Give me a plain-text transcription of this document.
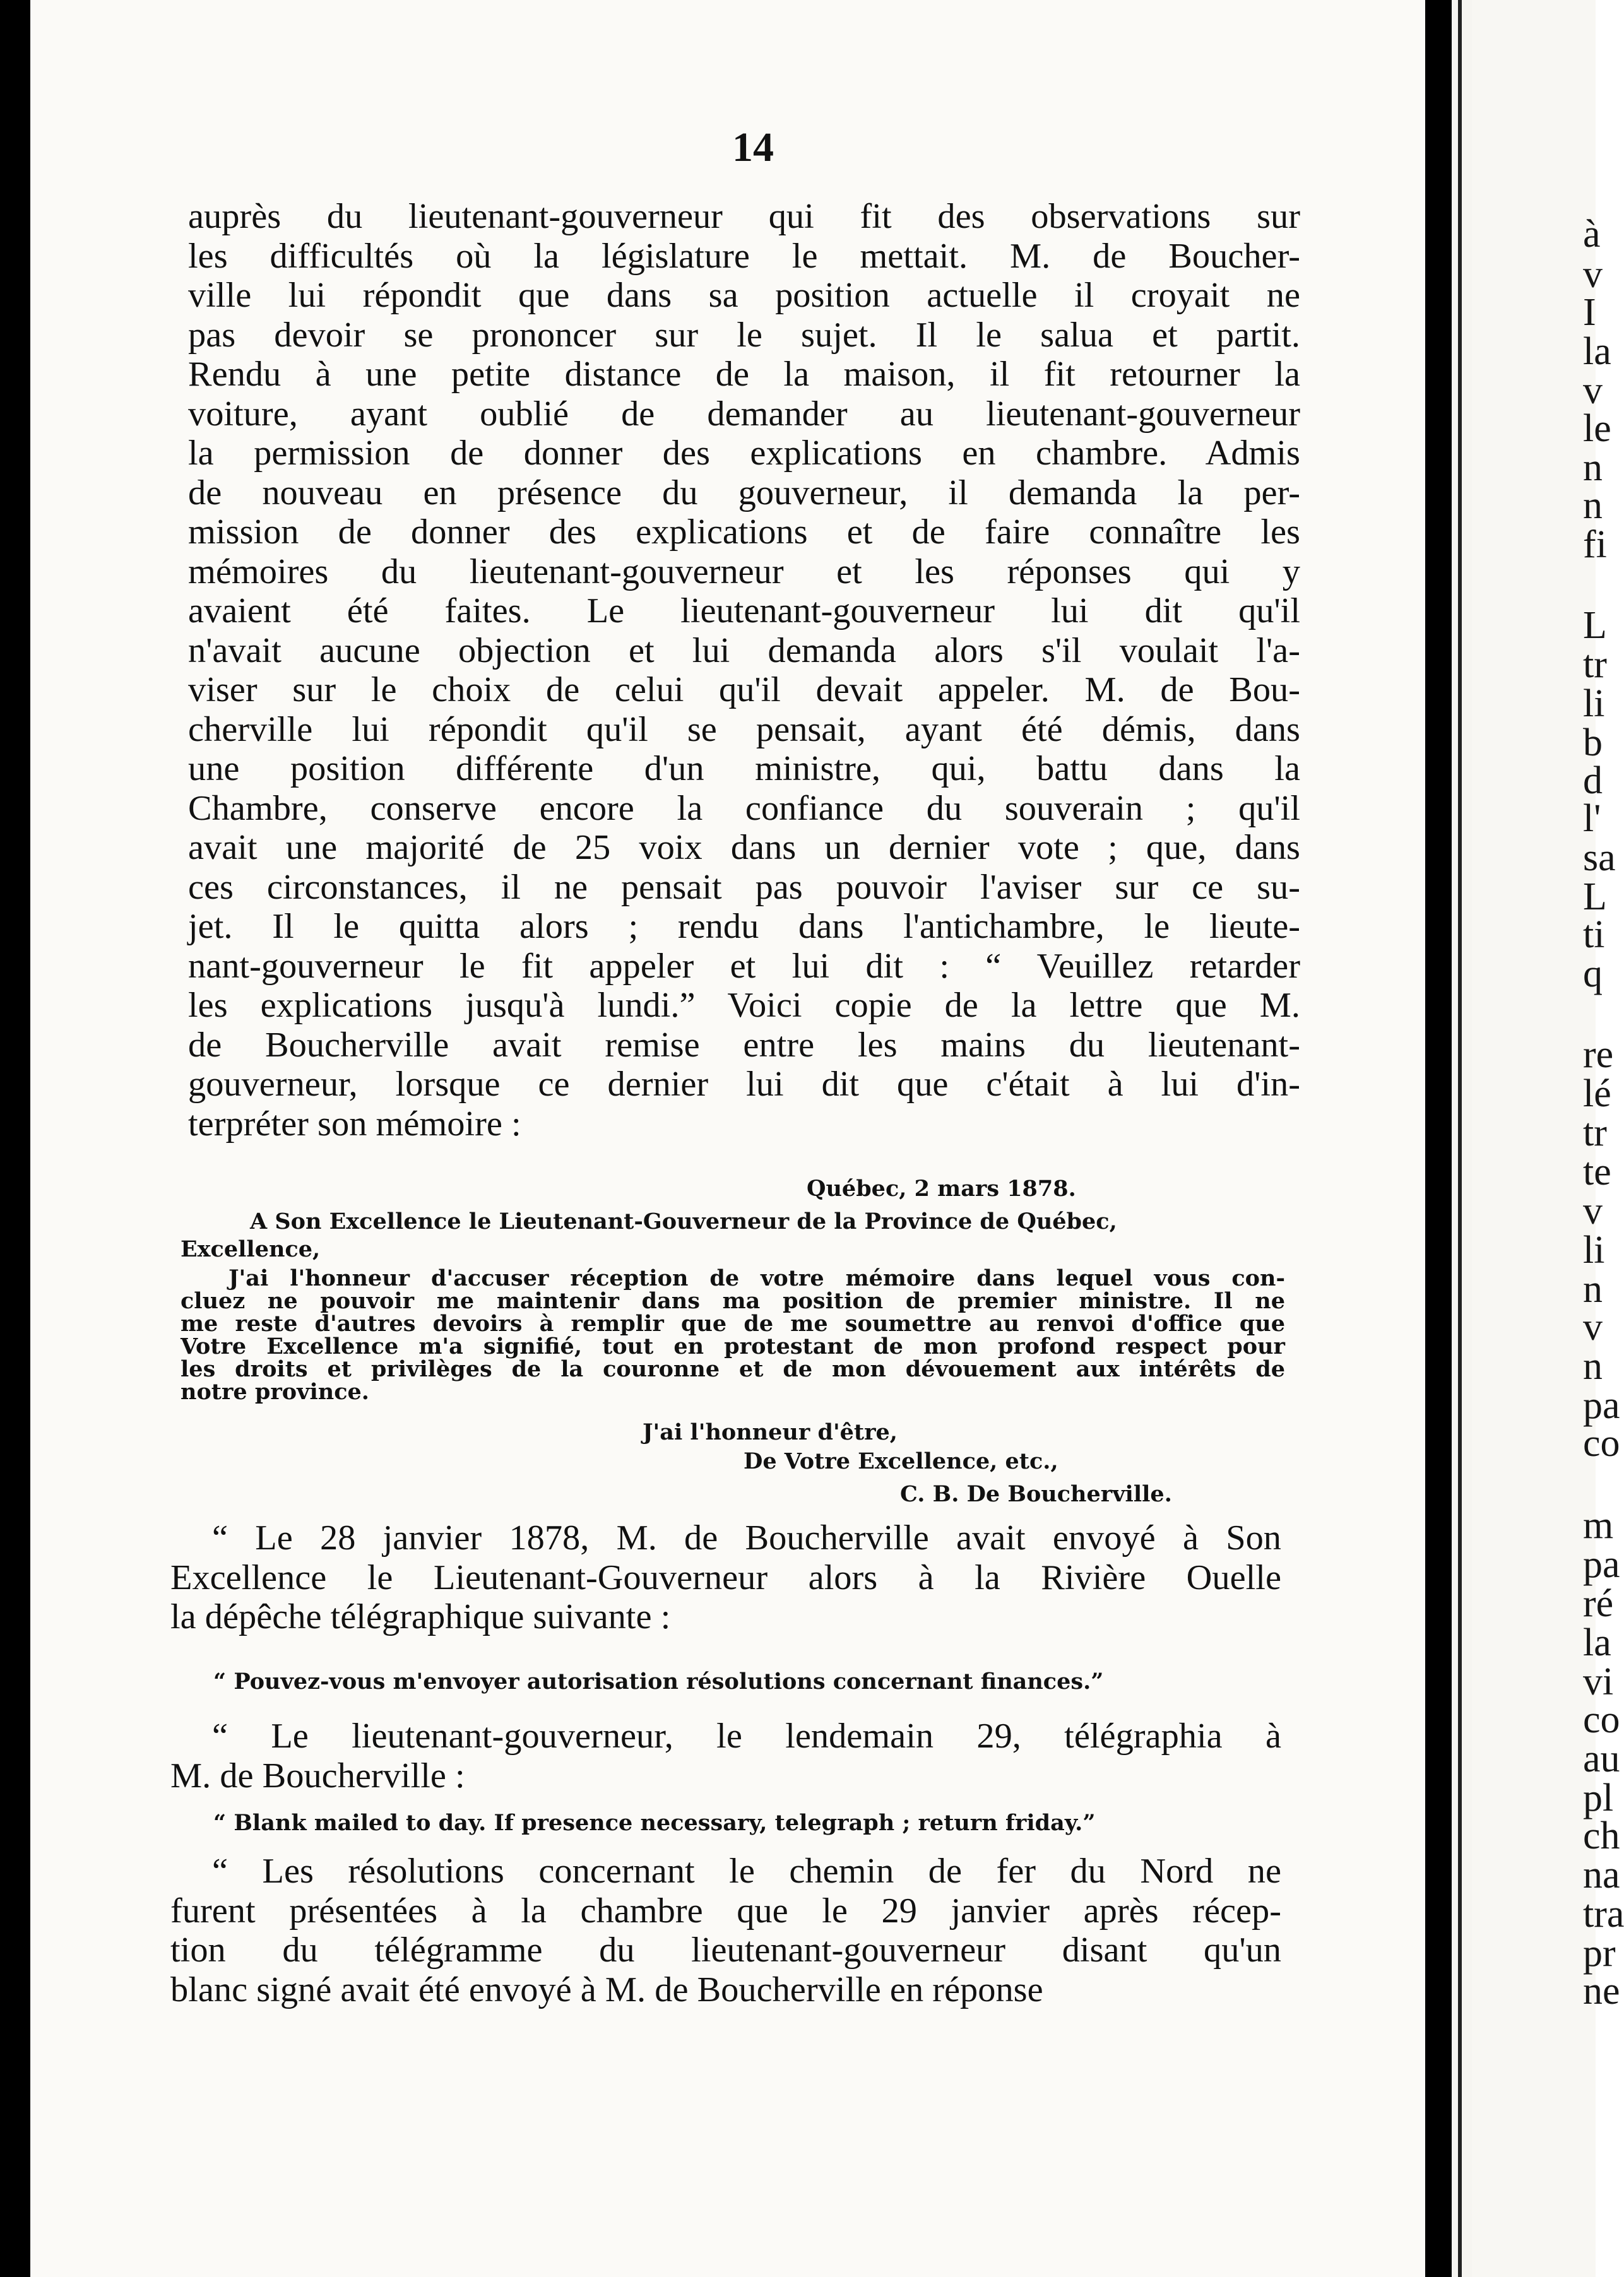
14
auprès du lieutenant-gouverneur qui fit des observations sur
les difficultés où la législature le mettait. M. de Boucher-
ville lui répondit que dans sa position actuelle il croyait ne
pas devoir se prononcer sur le sujet. Il le salua et partit.
Rendu à une petite distance de la maison, il fit retourner la
voiture, ayant oublié de demander au lieutenant-gouverneur
la permission de donner des explications en chambre. Admis
de nouveau en présence du gouverneur, il demanda la per-
mission de donner des explications et de faire connaître les
mémoires du lieutenant-gouverneur et les réponses qui y
avaient été faites. Le lieutenant-gouverneur lui dit qu'il
n'avait aucune objection et lui demanda alors s'il voulait l'a-
viser sur le choix de celui qu'il devait appeler. M. de Bou-
cherville lui répondit qu'il se pensait, ayant été démis, dans
une position différente d'un ministre, qui, battu dans la
Chambre, conserve encore la confiance du souverain ; qu'il
avait une majorité de 25 voix dans un dernier vote ; que, dans
ces circonstances, il ne pensait pas pouvoir l'aviser sur ce su-
jet. Il le quitta alors ; rendu dans l'antichambre, le lieute-
nant-gouverneur le fit appeler et lui dit : “ Veuillez retarder
les explications jusqu'à lundi.” Voici copie de la lettre que M.
de Boucherville avait remise entre les mains du lieutenant-
gouverneur, lorsque ce dernier lui dit que c'était à lui d'in-
terpréter son mémoire :
Québec, 2 mars 1878.
A Son Excellence le Lieutenant-Gouverneur de la Province de Québec,
Excellence,
J'ai l'honneur d'accuser réception de votre mémoire dans lequel vous con-
cluez ne pouvoir me maintenir dans ma position de premier ministre. Il ne
me reste d'autres devoirs à remplir que de me soumettre au renvoi d'office que
Votre Excellence m'a signifié, tout en protestant de mon profond respect pour
les droits et privilèges de la couronne et de mon dévouement aux intérêts de
notre province.
J'ai l'honneur d'être,
De Votre Excellence, etc.,
C. B. De Boucherville.
“ Le 28 janvier 1878, M. de Boucherville avait envoyé à Son
Excellence le Lieutenant-Gouverneur alors à la Rivière Ouelle
la dépêche télégraphique suivante :
“ Pouvez-vous m'envoyer autorisation résolutions concernant finances.”
“ Le lieutenant-gouverneur, le lendemain 29, télégraphia à
M. de Boucherville :
“ Blank mailed to day. If presence necessary, telegraph ; return friday.”
“ Les résolutions concernant le chemin de fer du Nord ne
furent présentées à la chambre que le 29 janvier après récep-
tion du télégramme du lieutenant-gouverneur disant qu'un
blanc signé avait été envoyé à M. de Boucherville en réponse
à
v
I
la
v
le
n
n
fi
L
tr
li
b
d
l'
sa
L
ti
q
re
lé
tr
te
v
li
n
v
n
pa
co
m
pa
ré
la
vi
co
au
pl
ch
na
tra
pr
ne
